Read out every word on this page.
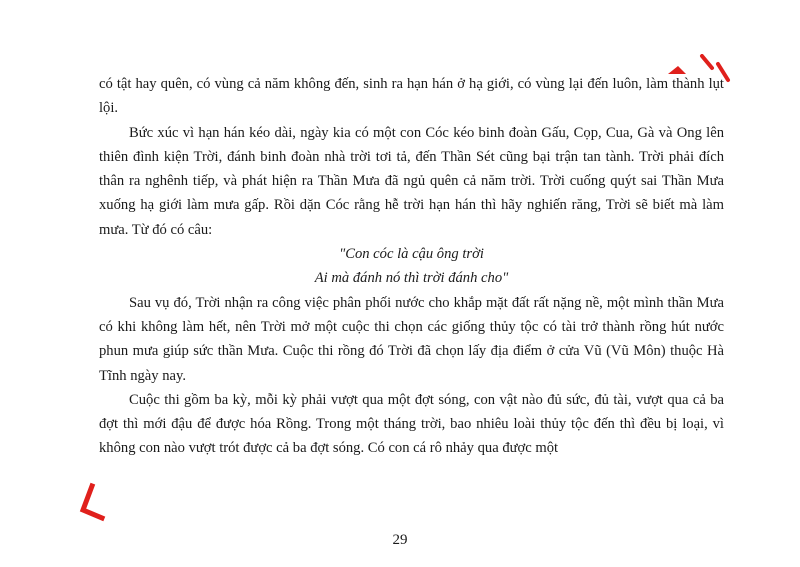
có tật hay quên, có vùng cả năm không đến, sinh ra hạn hán ở hạ giới, có vùng lại đến luôn, làm thành lụt lội.

Bức xúc vì hạn hán kéo dài, ngày kia có một con Cóc kéo binh đoàn Gấu, Cọp, Cua, Gà và Ong lên thiên đình kiện Trời, đánh binh đoàn nhà trời tơi tả, đến Thần Sét cũng bại trận tan tành. Trời phải đích thân ra nghênh tiếp, và phát hiện ra Thần Mưa đã ngủ quên cả năm trời. Trời cuống quýt sai Thần Mưa xuống hạ giới làm mưa gấp. Rồi dặn Cóc rằng hễ trời hạn hán thì hãy nghiến răng, Trời sẽ biết mà làm mưa. Từ đó có câu:

"Con cóc là cậu ông trời

Ai mà đánh nó thì trời đánh cho"

Sau vụ đó, Trời nhận ra công việc phân phối nước cho khắp mặt đất rất nặng nề, một mình thần Mưa có khi không làm hết, nên Trời mở một cuộc thi chọn các giống thủy tộc có tài trở thành rồng hút nước phun mưa giúp sức thần Mưa. Cuộc thi rồng đó Trời đã chọn lấy địa điểm ở cửa Vũ (Vũ Môn) thuộc Hà Tĩnh ngày nay.

Cuộc thi gồm ba kỳ, mỗi kỳ phải vượt qua một đợt sóng, con vật nào đủ sức, đủ tài, vượt qua cả ba đợt thì mới đậu để được hóa Rồng. Trong một tháng trời, bao nhiêu loài thủy tộc đến thì đều bị loại, vì không con nào vượt trót được cả ba đợt sóng. Có con cá rô nhảy qua được một

29
